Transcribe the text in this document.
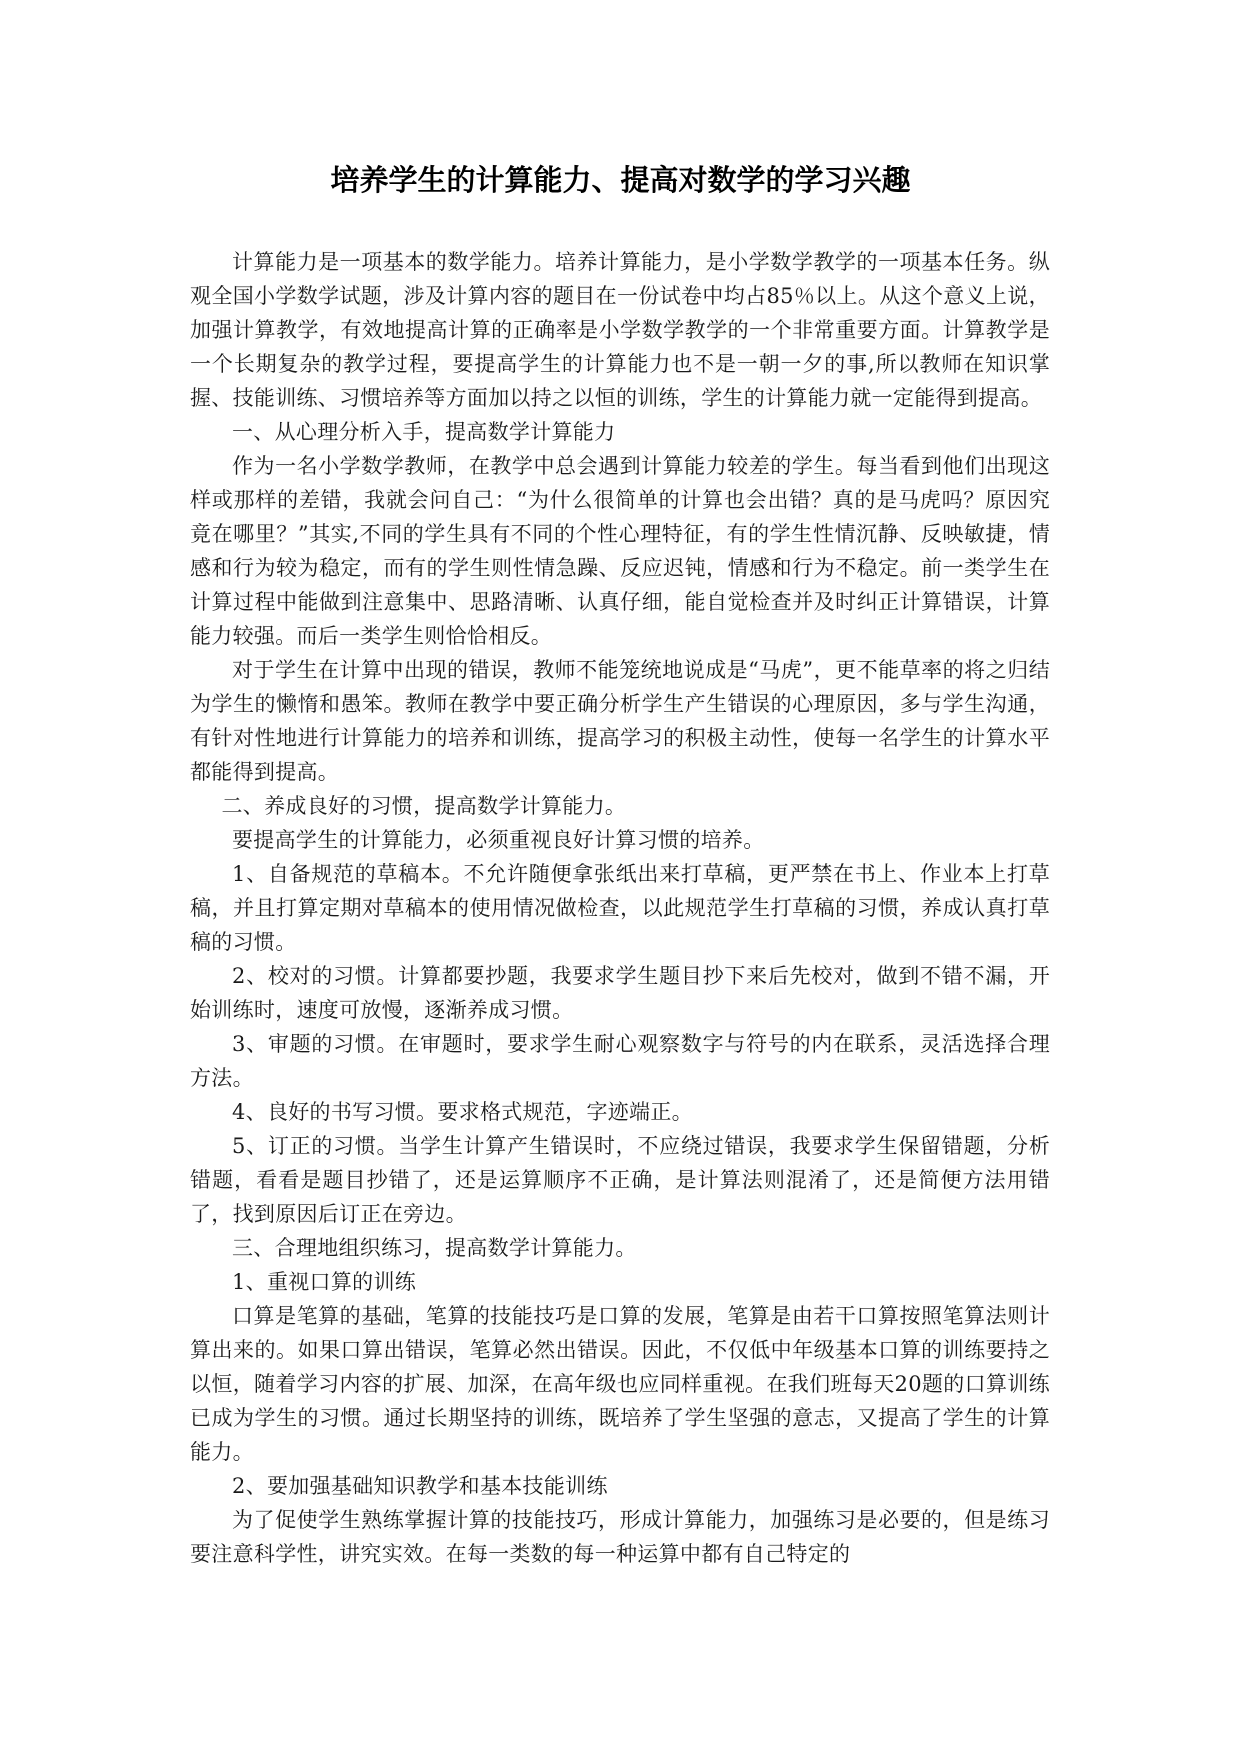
培养学生的计算能力、提高对数学的学习兴趣

计算能力是一项基本的数学能力。培养计算能力，是小学数学教学的一项基本任务。纵观全国小学数学试题，涉及计算内容的题目在一份试卷中均占85％以上。从这个意义上说，加强计算教学，有效地提高计算的正确率是小学数学教学的一个非常重要方面。计算教学是一个长期复杂的教学过程，要提高学生的计算能力也不是一朝一夕的事,所以教师在知识掌握、技能训练、习惯培养等方面加以持之以恒的训练，学生的计算能力就一定能得到提高。

一、从心理分析入手，提高数学计算能力

作为一名小学数学教师，在教学中总会遇到计算能力较差的学生。每当看到他们出现这样或那样的差错，我就会问自己：“为什么很简单的计算也会出错？真的是马虎吗？原因究竟在哪里？”其实,不同的学生具有不同的个性心理特征，有的学生性情沉静、反映敏捷，情感和行为较为稳定，而有的学生则性情急躁、反应迟钝，情感和行为不稳定。前一类学生在计算过程中能做到注意集中、思路清晰、认真仔细，能自觉检查并及时纠正计算错误，计算能力较强。而后一类学生则恰恰相反。

对于学生在计算中出现的错误，教师不能笼统地说成是“马虎”，更不能草率的将之归结为学生的懒惰和愚笨。教师在教学中要正确分析学生产生错误的心理原因，多与学生沟通，有针对性地进行计算能力的培养和训练，提高学习的积极主动性，使每一名学生的计算水平都能得到提高。

二、养成良好的习惯，提高数学计算能力。

要提高学生的计算能力，必须重视良好计算习惯的培养。

1、自备规范的草稿本。不允许随便拿张纸出来打草稿，更严禁在书上、作业本上打草稿，并且打算定期对草稿本的使用情况做检查，以此规范学生打草稿的习惯，养成认真打草稿的习惯。

2、校对的习惯。计算都要抄题，我要求学生题目抄下来后先校对，做到不错不漏，开始训练时，速度可放慢，逐渐养成习惯。

3、审题的习惯。在审题时，要求学生耐心观察数字与符号的内在联系，灵活选择合理方法。

4、良好的书写习惯。要求格式规范，字迹端正。

5、订正的习惯。当学生计算产生错误时，不应绕过错误，我要求学生保留错题，分析错题，看看是题目抄错了，还是运算顺序不正确，是计算法则混淆了，还是简便方法用错了，找到原因后订正在旁边。

三、合理地组织练习，提高数学计算能力。

1、重视口算的训练

口算是笔算的基础，笔算的技能技巧是口算的发展，笔算是由若干口算按照笔算法则计算出来的。如果口算出错误，笔算必然出错误。因此，不仅低中年级基本口算的训练要持之以恒，随着学习内容的扩展、加深，在高年级也应同样重视。在我们班每天20题的口算训练已成为学生的习惯。通过长期坚持的训练，既培养了学生坚强的意志，又提高了学生的计算能力。

2、要加强基础知识教学和基本技能训练

为了促使学生熟练掌握计算的技能技巧，形成计算能力，加强练习是必要的，但是练习要注意科学性，讲究实效。在每一类数的每一种运算中都有自己特定的
